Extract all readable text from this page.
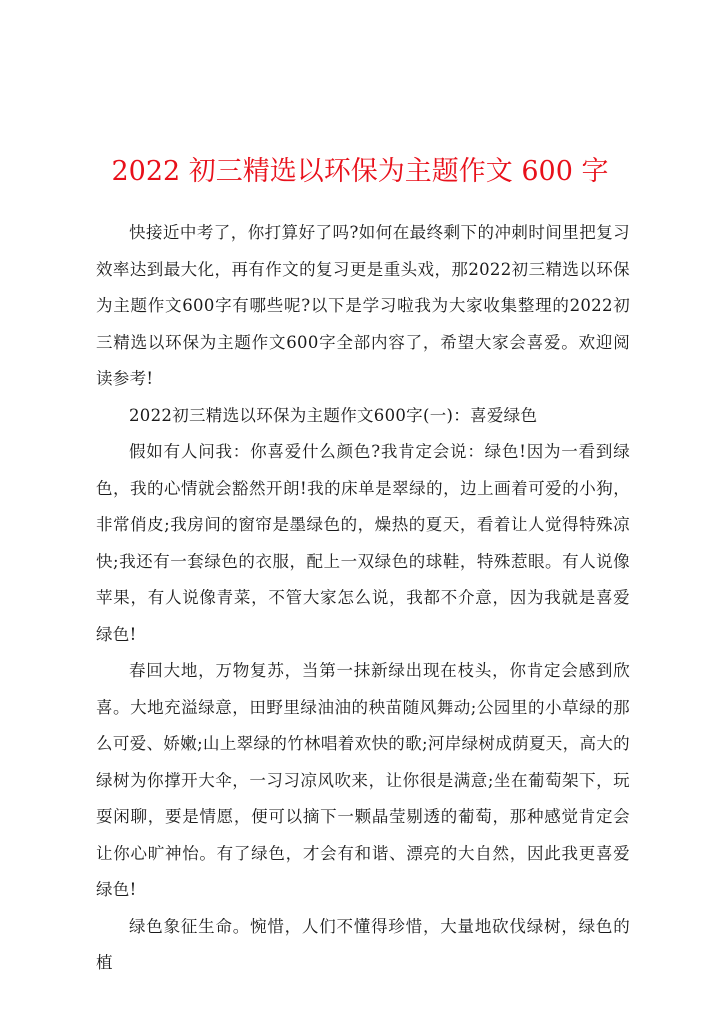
2022 初三精选以环保为主题作文 600 字

快接近中考了，你打算好了吗?如何在最终剩下的冲刺时间里把复习效率达到最大化，再有作文的复习更是重头戏，那2022初三精选以环保为主题作文600字有哪些呢?以下是学习啦我为大家收集整理的2022初三精选以环保为主题作文600字全部内容了，希望大家会喜爱。欢迎阅读参考!

2022初三精选以环保为主题作文600字(一)：喜爱绿色

假如有人问我：你喜爱什么颜色?我肯定会说：绿色!因为一看到绿色，我的心情就会豁然开朗!我的床单是翠绿的，边上画着可爱的小狗，非常俏皮;我房间的窗帘是墨绿色的，燥热的夏天，看着让人觉得特殊凉快;我还有一套绿色的衣服，配上一双绿色的球鞋，特殊惹眼。有人说像苹果，有人说像青菜，不管大家怎么说，我都不介意，因为我就是喜爱绿色!

春回大地，万物复苏，当第一抹新绿出现在枝头，你肯定会感到欣喜。大地充溢绿意，田野里绿油油的秧苗随风舞动;公园里的小草绿的那么可爱、娇嫩;山上翠绿的竹林唱着欢快的歌;河岸绿树成荫夏天，高大的绿树为你撑开大伞，一习习凉风吹来，让你很是满意;坐在葡萄架下，玩耍闲聊，要是情愿，便可以摘下一颗晶莹剔透的葡萄，那种感觉肯定会让你心旷神怡。有了绿色，才会有和谐、漂亮的大自然，因此我更喜爱绿色!

绿色象征生命。惋惜，人们不懂得珍惜，大量地砍伐绿树，绿色的植
